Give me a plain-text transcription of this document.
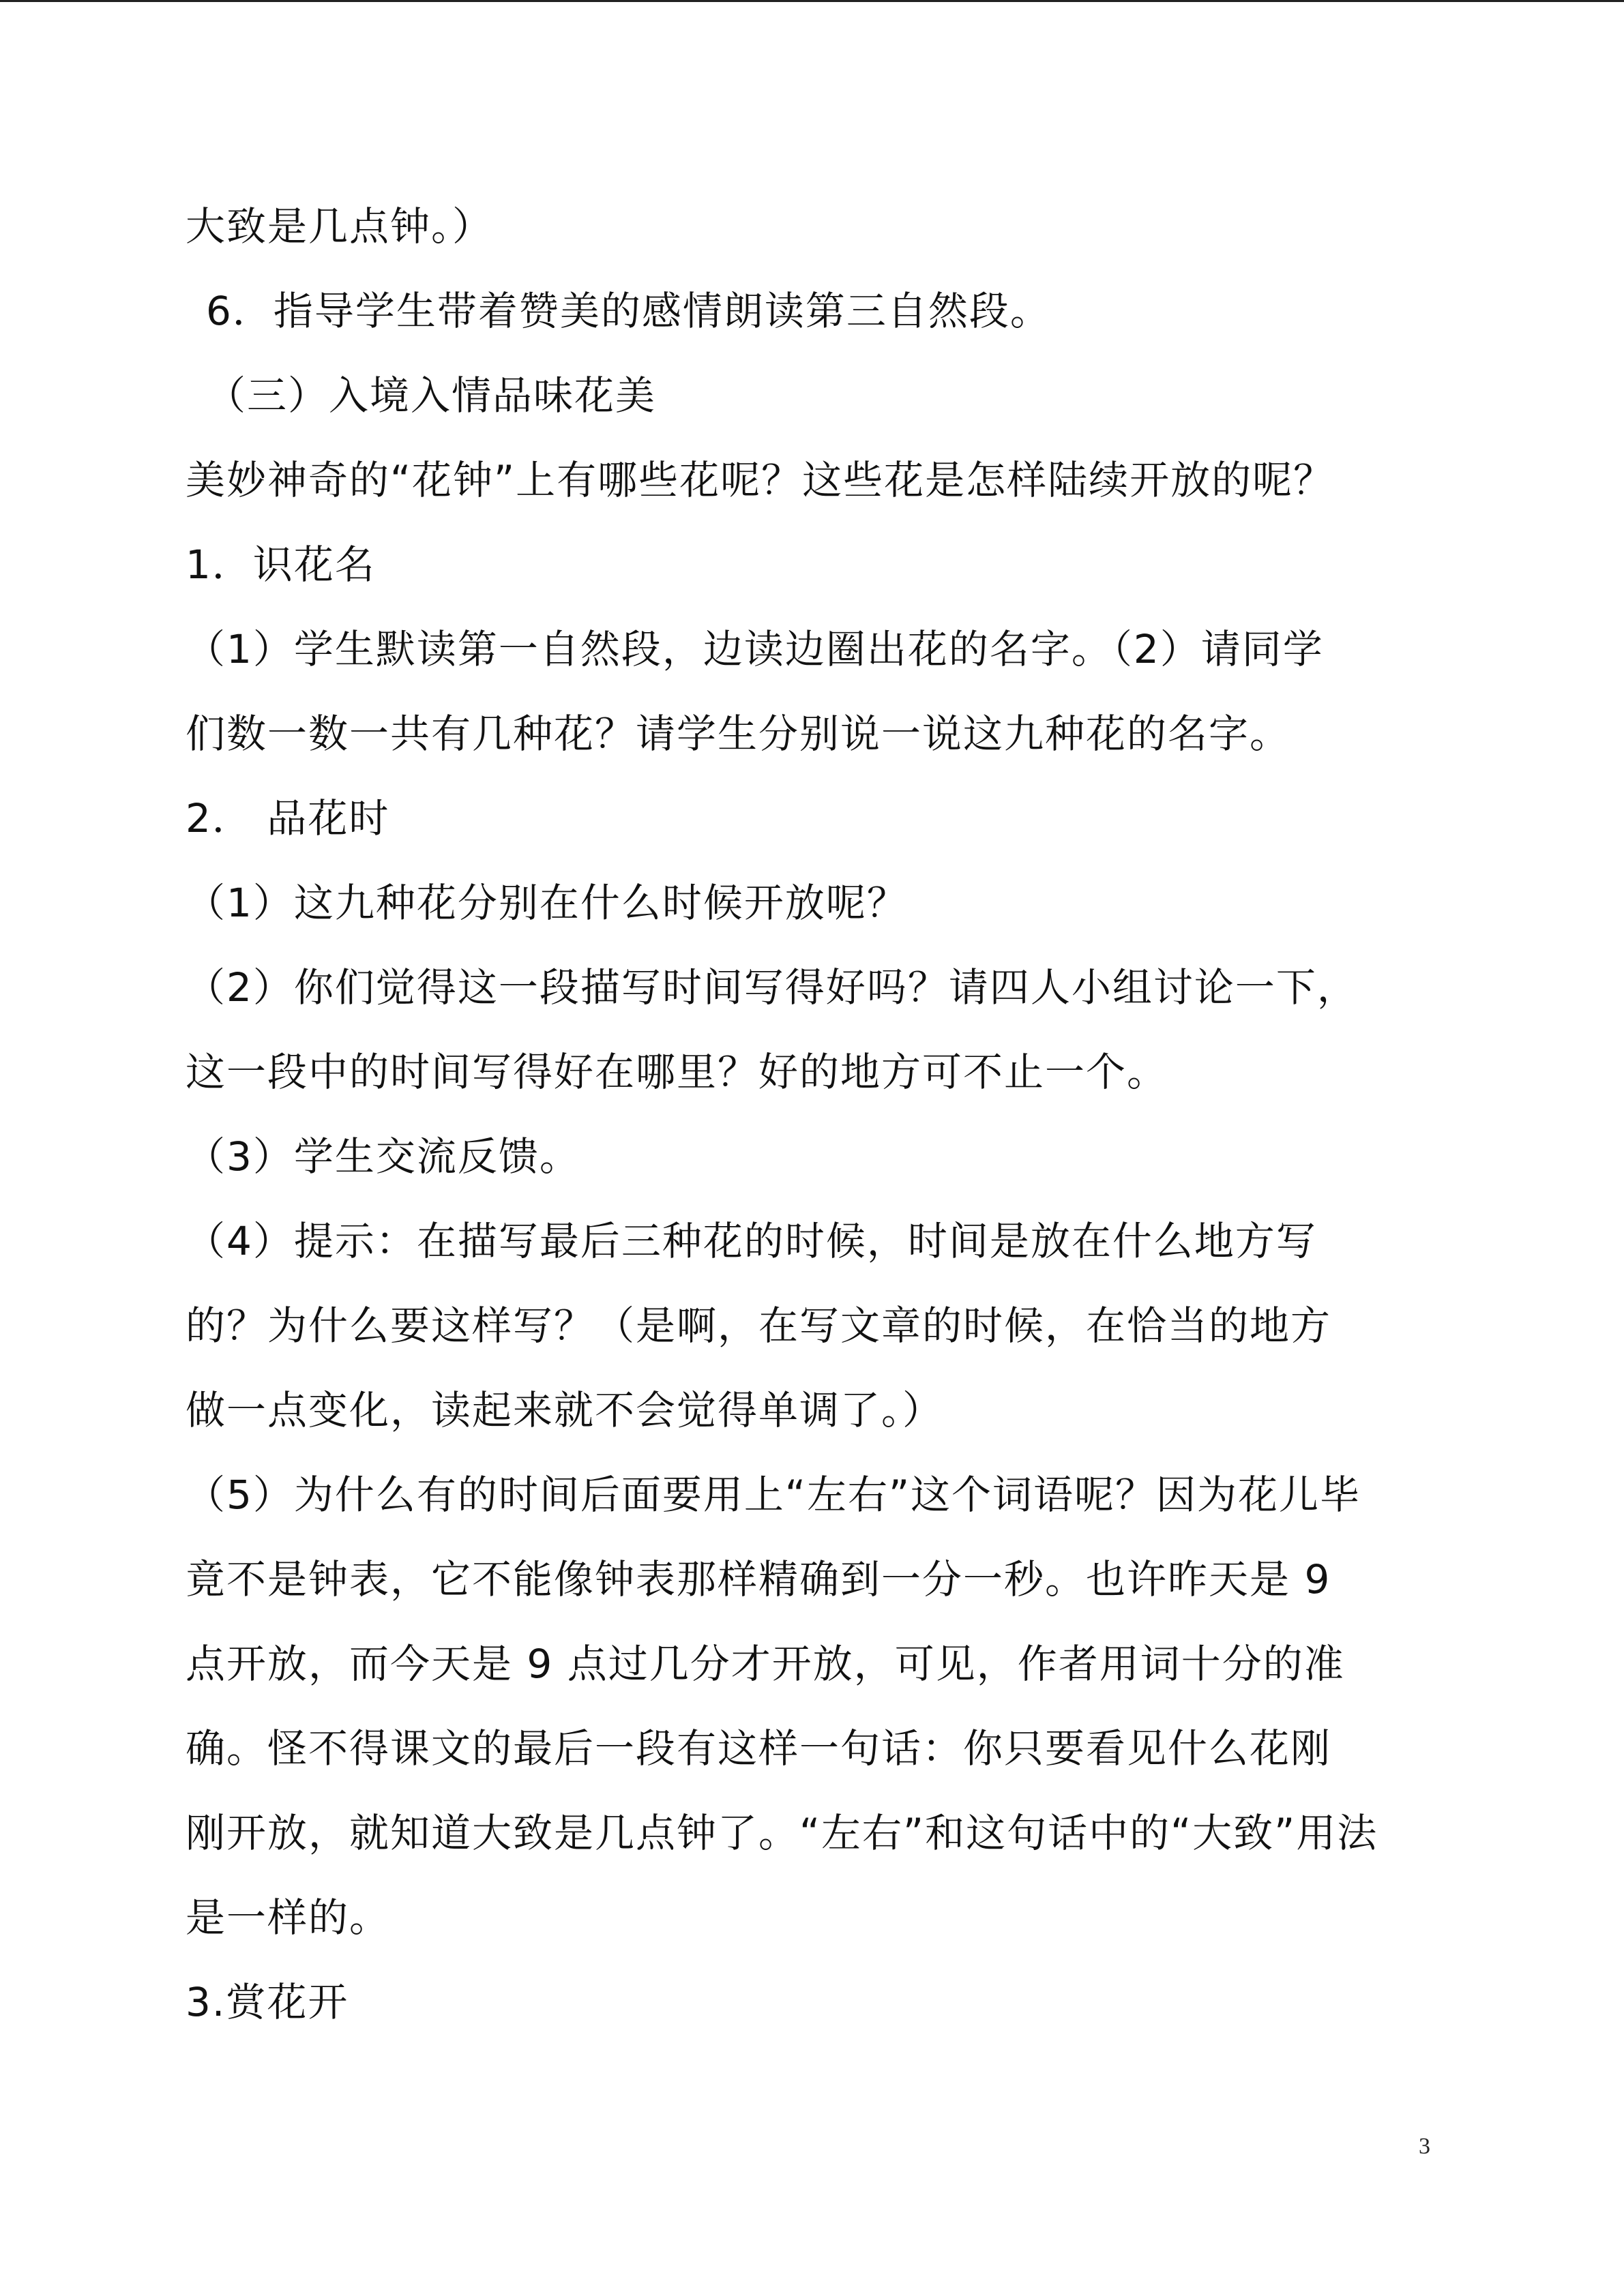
大致是几点钟。）
6．指导学生带着赞美的感情朗读第三自然段。
（三）入境入情品味花美
美妙神奇的“花钟”上有哪些花呢？这些花是怎样陆续开放的呢？
1．识花名
（1）学生默读第一自然段，边读边圈出花的名字。（2）请同学
们数一数一共有几种花？请学生分别说一说这九种花的名字。
2． 品花时
（1）这九种花分别在什么时候开放呢？
（2）你们觉得这一段描写时间写得好吗？请四人小组讨论一下，
这一段中的时间写得好在哪里？好的地方可不止一个。
（3）学生交流反馈。
（4）提示：在描写最后三种花的时候，时间是放在什么地方写
的？为什么要这样写？（是啊，在写文章的时候，在恰当的地方
做一点变化，读起来就不会觉得单调了。）
（5）为什么有的时间后面要用上“左右”这个词语呢？因为花儿毕
竟不是钟表，它不能像钟表那样精确到一分一秒。也许昨天是 9
点开放，而今天是 9 点过几分才开放，可见，作者用词十分的准
确。怪不得课文的最后一段有这样一句话：你只要看见什么花刚
刚开放，就知道大致是几点钟了。“左右”和这句话中的“大致”用法
是一样的。
3.赏花开
3
